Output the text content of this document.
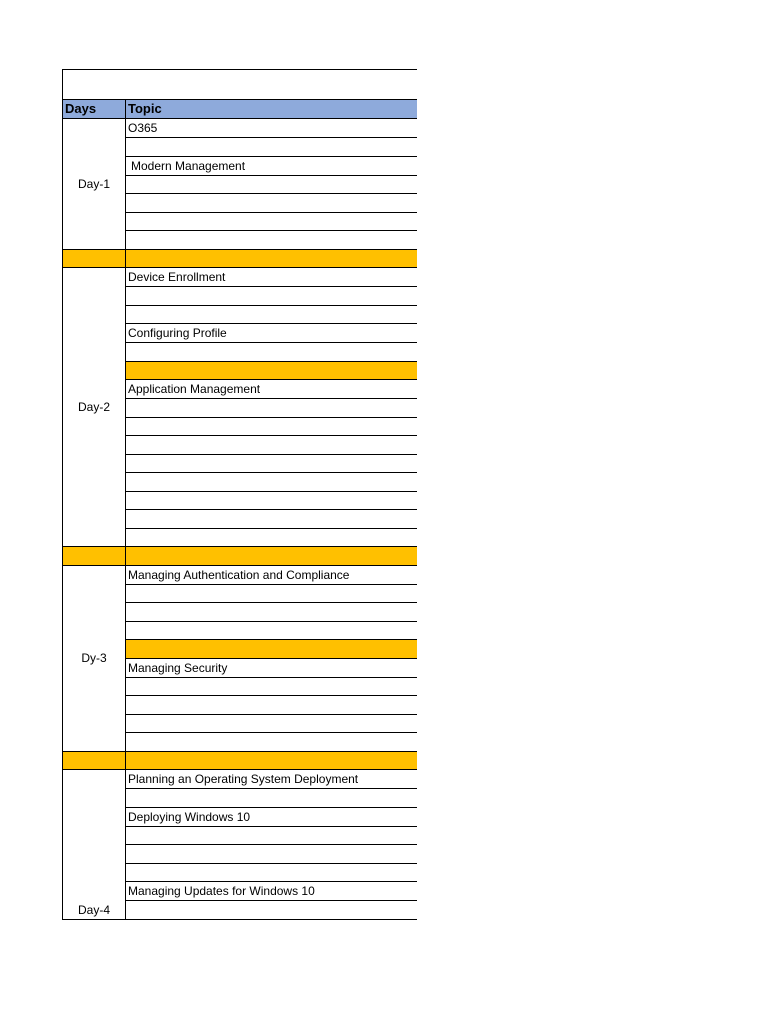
Days	Topic
Day-1	O365

	Modern Management

Day-2	Device Enrollment

	Configuring Profile

	Application Management

Dy-3	Managing Authentication and Compliance

	Managing Security

Day-4	Planning an Operating System Deployment

	Deploying Windows 10

	Managing Updates for Windows 10
